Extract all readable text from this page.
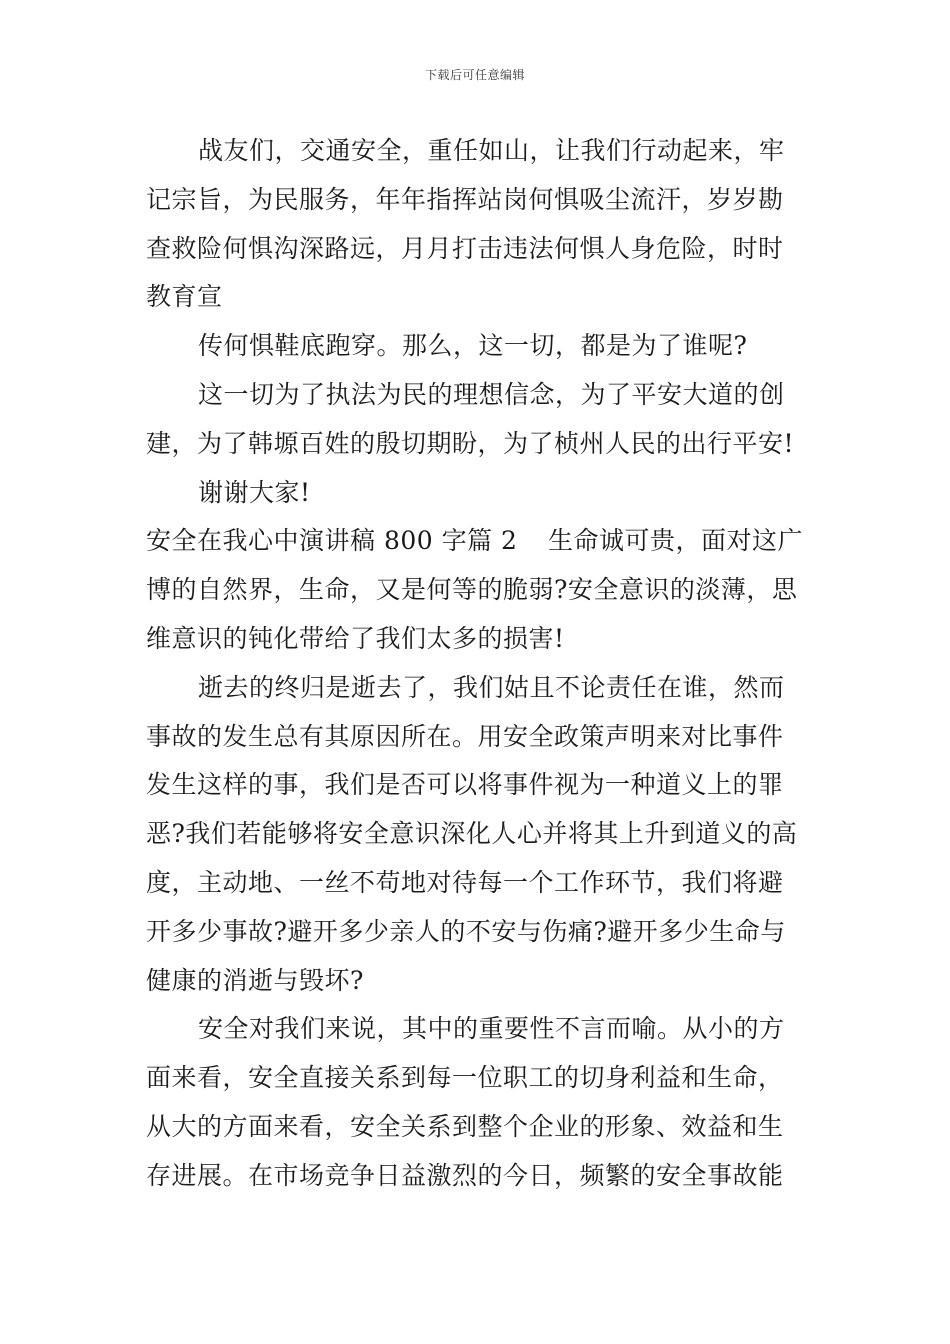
下载后可任意编辑
战友们，交通安全，重任如山，让我们行动起来，牢
记宗旨，为民服务，年年指挥站岗何惧吸尘流汗，岁岁勘
查救险何惧沟深路远，月月打击违法何惧人身危险，时时
教育宣
传何惧鞋底跑穿。那么，这一切，都是为了谁呢?
这一切为了执法为民的理想信念，为了平安大道的创
建，为了韩塬百姓的殷切期盼，为了桢州人民的出行平安!
谢谢大家!
安全在我心中演讲稿 800 字篇 2 生命诚可贵，面对这广
博的自然界，生命，又是何等的脆弱?安全意识的淡薄，思
维意识的钝化带给了我们太多的损害!
逝去的终归是逝去了，我们姑且不论责任在谁，然而
事故的发生总有其原因所在。用安全政策声明来对比事件
发生这样的事，我们是否可以将事件视为一种道义上的罪
恶?我们若能够将安全意识深化人心并将其上升到道义的高
度，主动地、一丝不苟地对待每一个工作环节，我们将避
开多少事故?避开多少亲人的不安与伤痛?避开多少生命与
健康的消逝与毁坏?
安全对我们来说，其中的重要性不言而喻。从小的方
面来看，安全直接关系到每一位职工的切身利益和生命，
从大的方面来看，安全关系到整个企业的形象、效益和生
存进展。在市场竞争日益激烈的今日，频繁的安全事故能
